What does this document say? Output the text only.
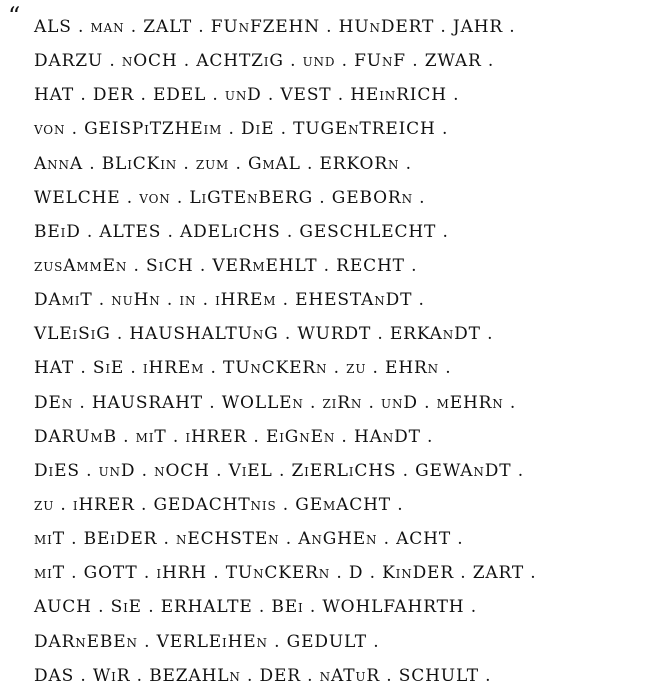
“ ALS . man . ZALT . FUnFZEHN . HUnDERT . JAHR .
DARZU . nOCH . ACHTZiG . und . FUnF . ZWAR .
HAT . DER . EDEL . unD . VEST . HEinRICH .
von . GEISPiTZHEim . DiE . TUGEnTREICH .
AnnA . BLiCKin . zum . GmAL . ERKORn .
WELCHE . von . LiGTEnBERG . GEBORn .
BEiD . ALTES . ADELiCHS . GESCHLECHT .
zusAmmEn . SiCH . VERmEHLT . RECHT .
DAmiT . nuHn . in . iHREm . EHESTAnDT .
VLEiSiG . HAUSHALTUnG . WURDT . ERKAnDT .
HAT . SiE . iHREm . TUnCKERn . zu . EHRn .
DEn . HAUSRAHT . WOLLEn . ziRn . unD . mEHRn .
DARUmB . miT . iHRER . EiGnEn . HAnDT .
DiES . unD . nOCH . ViEL . ZiERLiCHS . GEWAnDT .
zu . iHRER . GEDACHTnis . GEmACHT .
miT . BEiDER . nECHSTEn . AnGHEn . ACHT .
miT . GOTT . iHRH . TUnCKERn . D . KinDER . ZART .
AUCH . SiE . ERHALTE . BEi . WOHLFAHRTH .
DARnEBEn . VERLEiHEn . GEDULT .
DAS . WiR . BEZAHLn . DER . nATuR . SCHULT .
